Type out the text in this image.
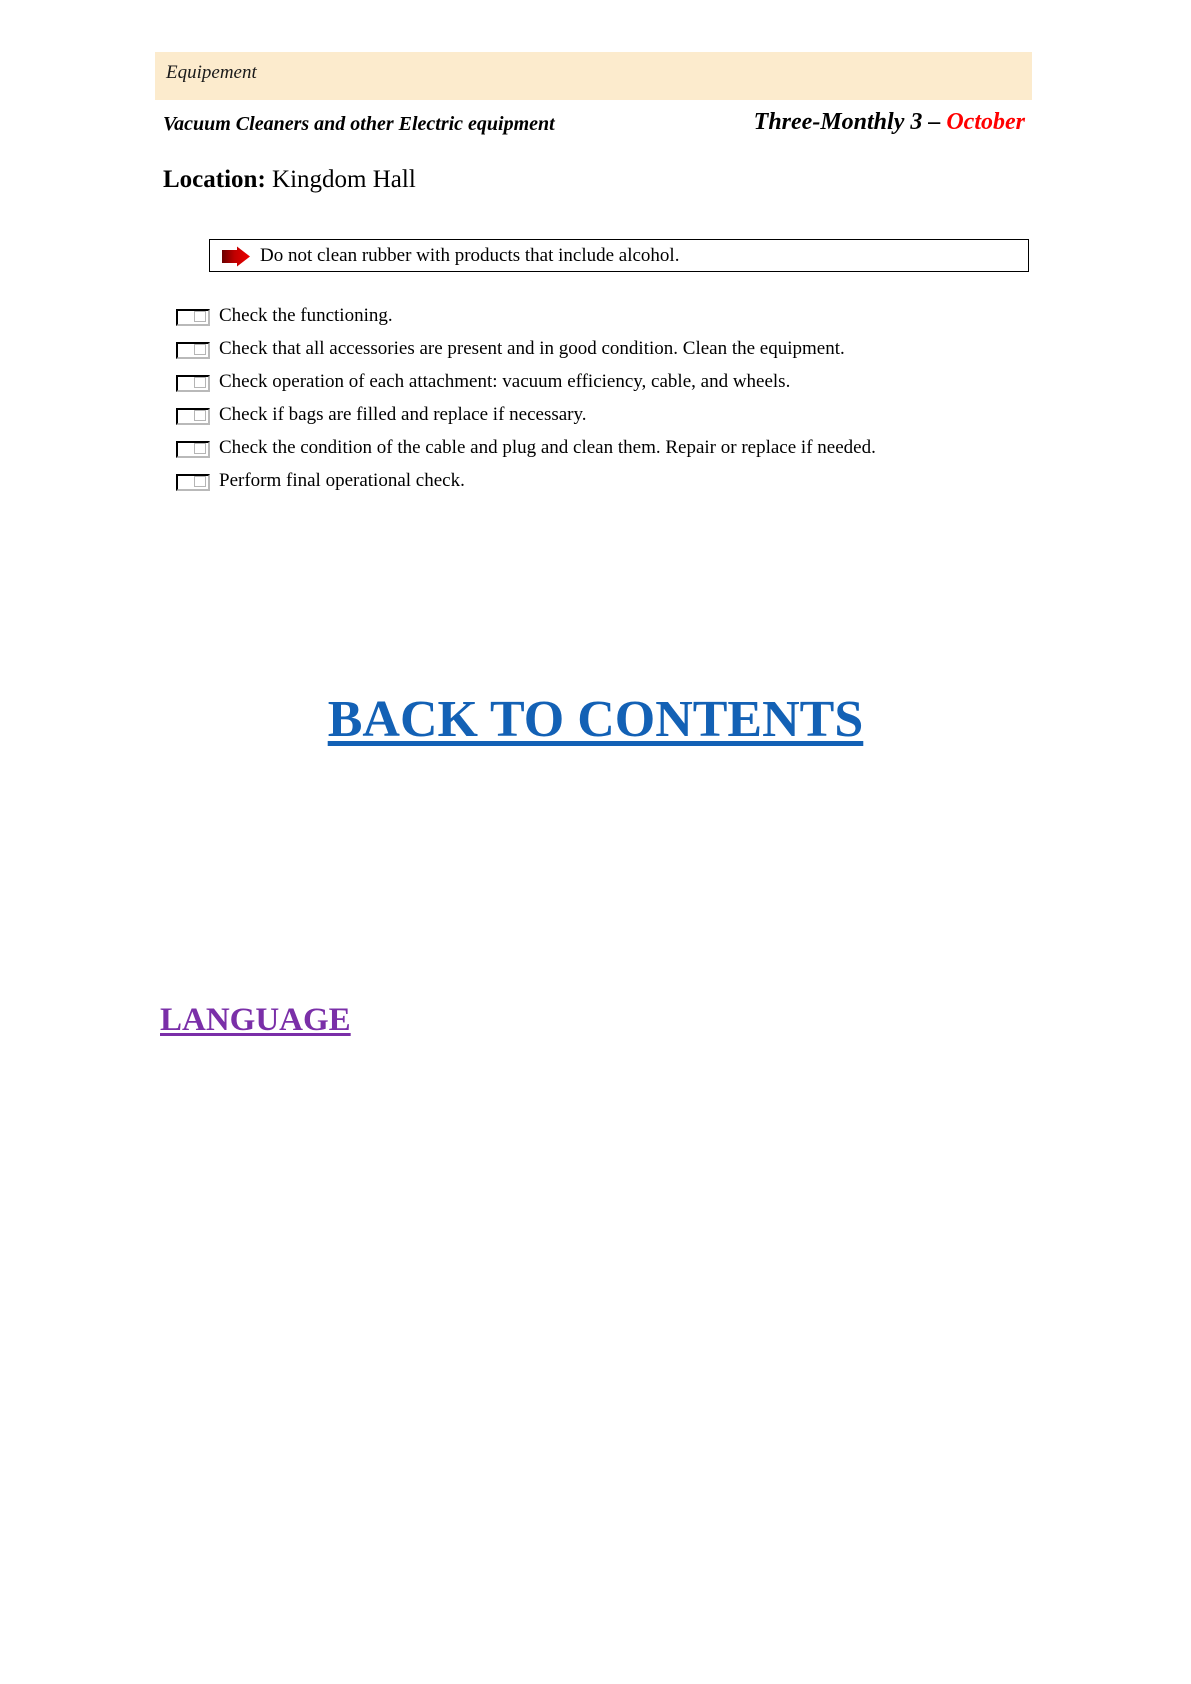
Equipement
Vacuum Cleaners and other Electric equipment	Three-Monthly 3 – October
Location: Kingdom Hall
Do not clean rubber with products that include alcohol.
Check the functioning.
Check that all accessories are present and in good condition. Clean the equipment.
Check operation of each attachment: vacuum efficiency, cable, and wheels.
Check if bags are filled and replace if necessary.
Check the condition of the cable and plug and clean them. Repair or replace if needed.
Perform final operational check.
BACK TO CONTENTS
LANGUAGE
